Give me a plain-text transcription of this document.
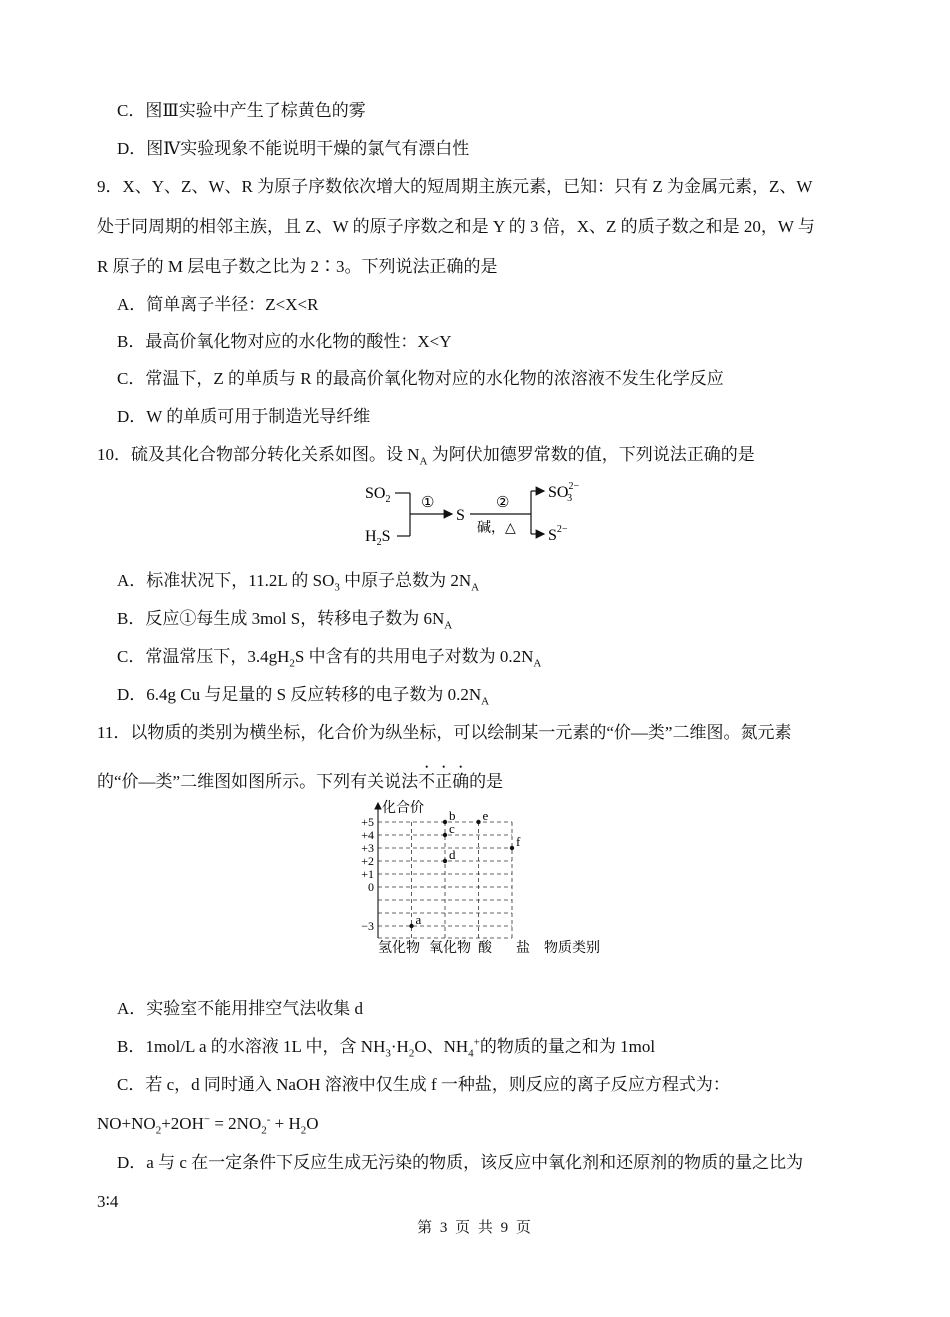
C．图Ⅲ实验中产生了棕黄色的雾
D．图Ⅳ实验现象不能说明干燥的氯气有漂白性
9．X、Y、Z、W、R 为原子序数依次增大的短周期主族元素，已知：只有 Z 为金属元素，Z、W
处于同周期的相邻主族，且 Z、W 的原子序数之和是 Y 的 3 倍，X、Z 的质子数之和是 20，W 与
R 原子的 M 层电子数之比为 2∶3。下列说法正确的是
A．简单离子半径：Z<X<R
B．最高价氧化物对应的水化物的酸性：X<Y
C．常温下，Z 的单质与 R 的最高价氧化物对应的水化物的浓溶液不发生化学反应
D．W 的单质可用于制造光导纤维
10．硫及其化合物部分转化关系如图。设 $N_A$ 为阿伏加德罗常数的值，下列说法正确的是
$SO_2$
$H_2S$
①
S
②
碱，△
$SO^{2-}$ 3
$S^{2-}$
A．标准状况下，11.2L 的 $SO_3$ 中原子总数为 $2N_A$
B．反应①每生成 3mol S，转移电子数为 $6N_A$
C．常温常压下，$3.4gH_2S$ 中含有的共用电子对数为 $0.2N_A$
D．6.4g Cu 与足量的 S 反应转移的电子数为 $0.2N_A$
11．以物质的类别为横坐标，化合价为纵坐标，可以绘制某一元素的“价—类”二维图。氮元素
的“价—类”二维图如图所示。下列有关说法不正确的是
化合价
物质类别
+5
+4
+3
+2
+1
0
−3
氢化物 氧化物 酸 盐
a
b
c
d
e
f
A．实验室不能用排空气法收集 d
B．1mol/L a 的水溶液 1L 中，含 $NH_3\cdot H_2O$、$NH_4^+$的物质的量之和为 1mol
C．若 c，d 同时通入 NaOH 溶液中仅生成 f 一种盐，则反应的离子反应方程式为：
$NO+NO_2+2OH^- = 2NO_2^- + H_2O$
D．a 与 c 在一定条件下反应生成无污染的物质，该反应中氧化剂和还原剂的物质的量之比为
3∶4
第 3 页 共 9 页
